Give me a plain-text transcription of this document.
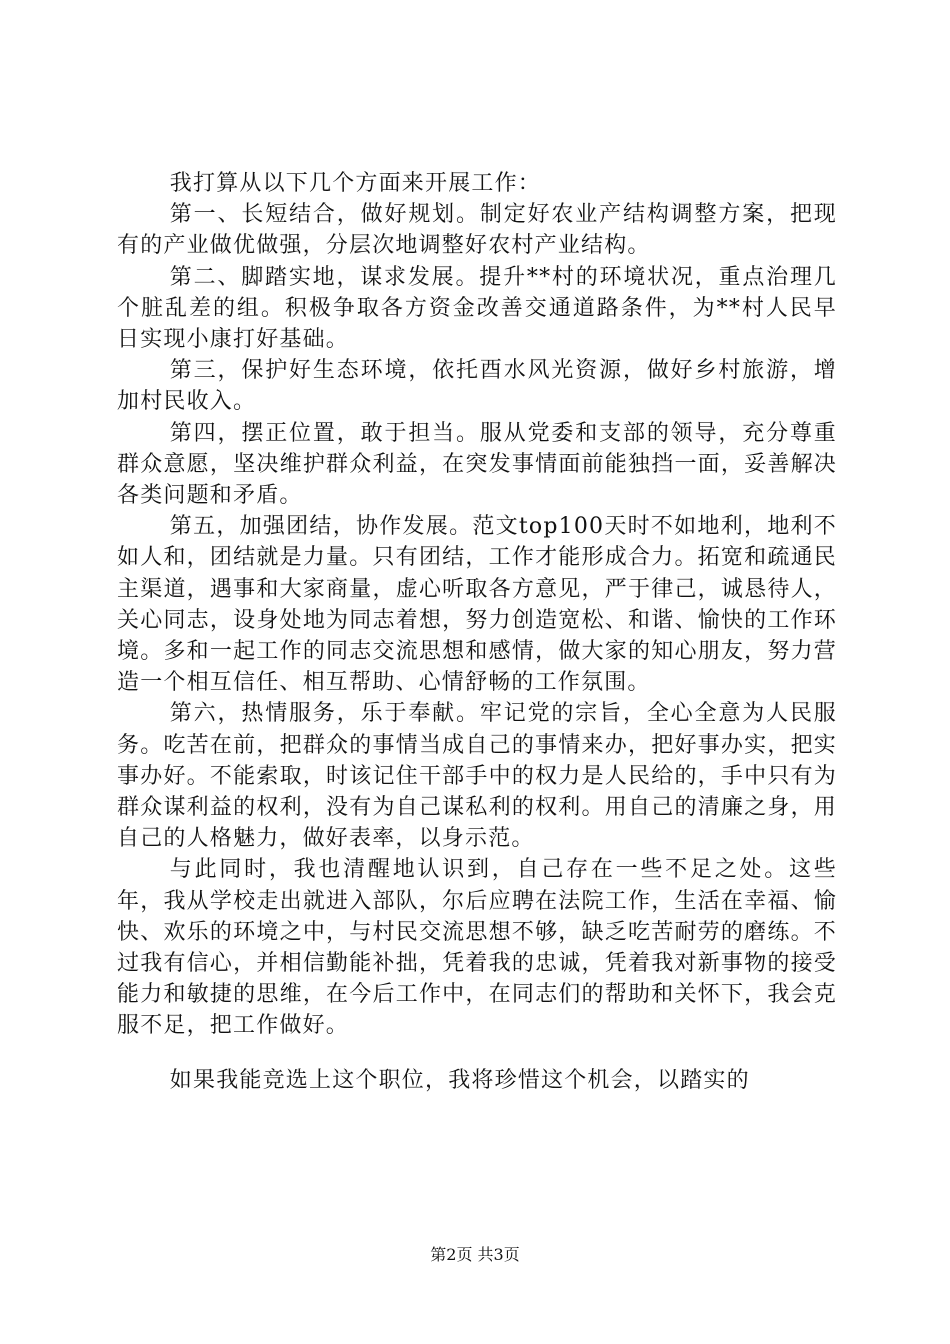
我打算从以下几个方面来开展工作：

第一、长短结合，做好规划。制定好农业产结构调整方案，把现有的产业做优做强，分层次地调整好农村产业结构。

第二、脚踏实地，谋求发展。提升**村的环境状况，重点治理几个脏乱差的组。积极争取各方资金改善交通道路条件，为**村人民早日实现小康打好基础。

第三，保护好生态环境，依托酉水风光资源，做好乡村旅游，增加村民收入。

第四，摆正位置，敢于担当。服从党委和支部的领导，充分尊重群众意愿，坚决维护群众利益，在突发事情面前能独挡一面，妥善解决各类问题和矛盾。

第五，加强团结，协作发展。范文top100天时不如地利，地利不如人和，团结就是力量。只有团结，工作才能形成合力。拓宽和疏通民主渠道，遇事和大家商量，虚心听取各方意见，严于律己，诚恳待人，关心同志，设身处地为同志着想，努力创造宽松、和谐、愉快的工作环境。多和一起工作的同志交流思想和感情，做大家的知心朋友，努力营造一个相互信任、相互帮助、心情舒畅的工作氛围。

第六，热情服务，乐于奉献。牢记党的宗旨，全心全意为人民服务。吃苦在前，把群众的事情当成自己的事情来办，把好事办实，把实事办好。不能索取，时该记住干部手中的权力是人民给的，手中只有为群众谋利益的权利，没有为自己谋私利的权利。用自己的清廉之身，用自己的人格魅力，做好表率，以身示范。

与此同时，我也清醒地认识到，自己存在一些不足之处。这些年，我从学校走出就进入部队，尔后应聘在法院工作，生活在幸福、愉快、欢乐的环境之中，与村民交流思想不够，缺乏吃苦耐劳的磨练。不过我有信心，并相信勤能补拙，凭着我的忠诚，凭着我对新事物的接受能力和敏捷的思维，在今后工作中，在同志们的帮助和关怀下，我会克服不足，把工作做好。

如果我能竞选上这个职位，我将珍惜这个机会，以踏实的

第2页 共3页
